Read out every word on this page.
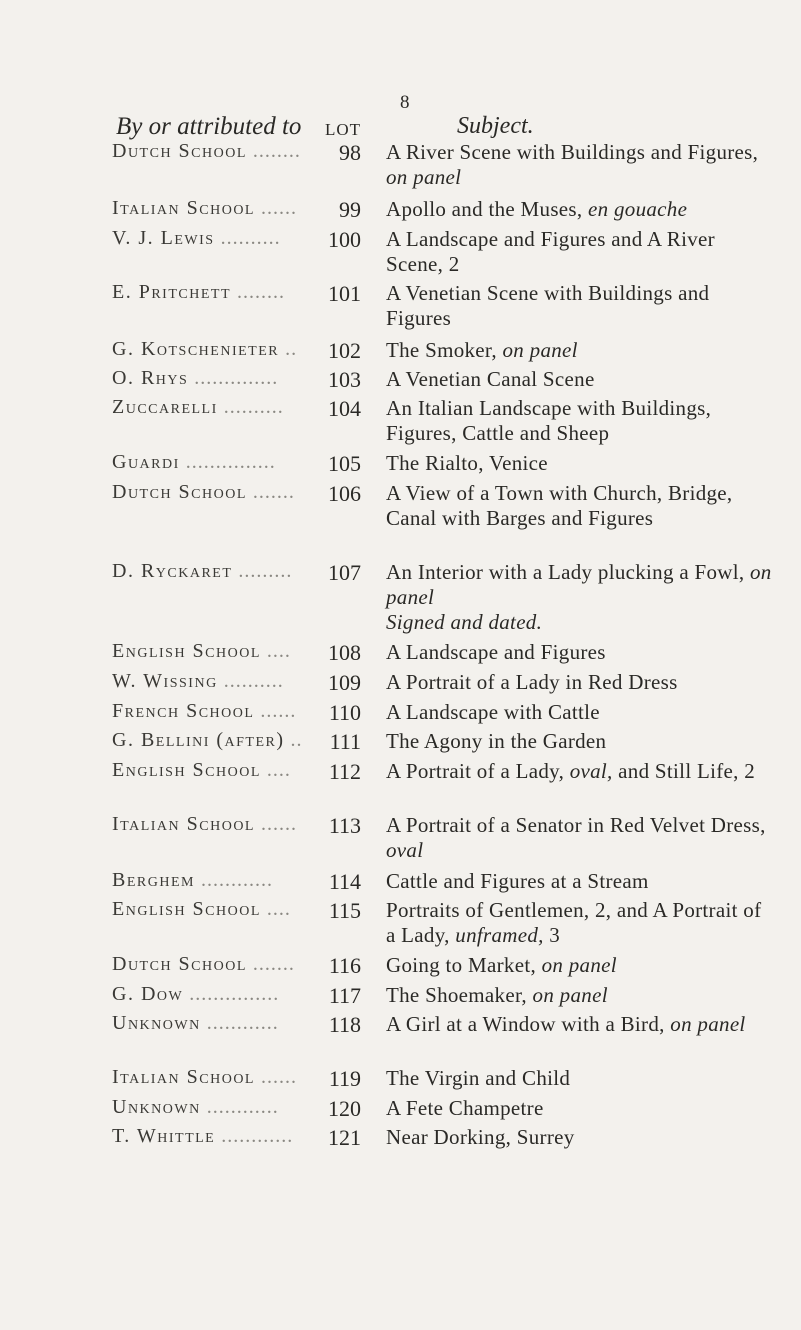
8
By or attributed to LOT	Subject.
Dutch School ........	98 A River Scene with Buildings and Figures, on panel
Italian School ......	99 Apollo and the Muses, en gouache
V. J. Lewis ..........	100 A Landscape and Figures and A River Scene, 2
E. Pritchett ........	101 A Venetian Scene with Buildings and Figures
G. Kotschenieter ..	102 The Smoker, on panel
O. Rhys ..............	103 A Venetian Canal Scene
Zuccarelli ..........	104 An Italian Landscape with Buildings, Figures, Cattle and Sheep
Guardi ...............	105 The Rialto, Venice
Dutch School .......	106 A View of a Town with Church, Bridge, Canal with Barges and Figures
D. Ryckaret .........	107 An Interior with a Lady plucking a Fowl, on panel
Signed and dated.
English School ....	108 A Landscape and Figures
W. Wissing ..........	109 A Portrait of a Lady in Red Dress
French School ......	110 A Landscape with Cattle
G. Bellini (after) ..	111 The Agony in the Garden
English School ....	112 A Portrait of a Lady, oval, and Still Life, 2
Italian School ......	113 A Portrait of a Senator in Red Velvet Dress, oval
Berghem ............	114 Cattle and Figures at a Stream
English School ....	115 Portraits of Gentlemen, 2, and A Portrait of a Lady, unframed, 3
Dutch School .......	116 Going to Market, on panel
G. Dow ...............	117 The Shoemaker, on panel
Unknown ............	118 A Girl at a Window with a Bird, on panel
Italian School ......	119 The Virgin and Child
Unknown ............	120 A Fete Champetre
T. Whittle ............	121 Near Dorking, Surrey
